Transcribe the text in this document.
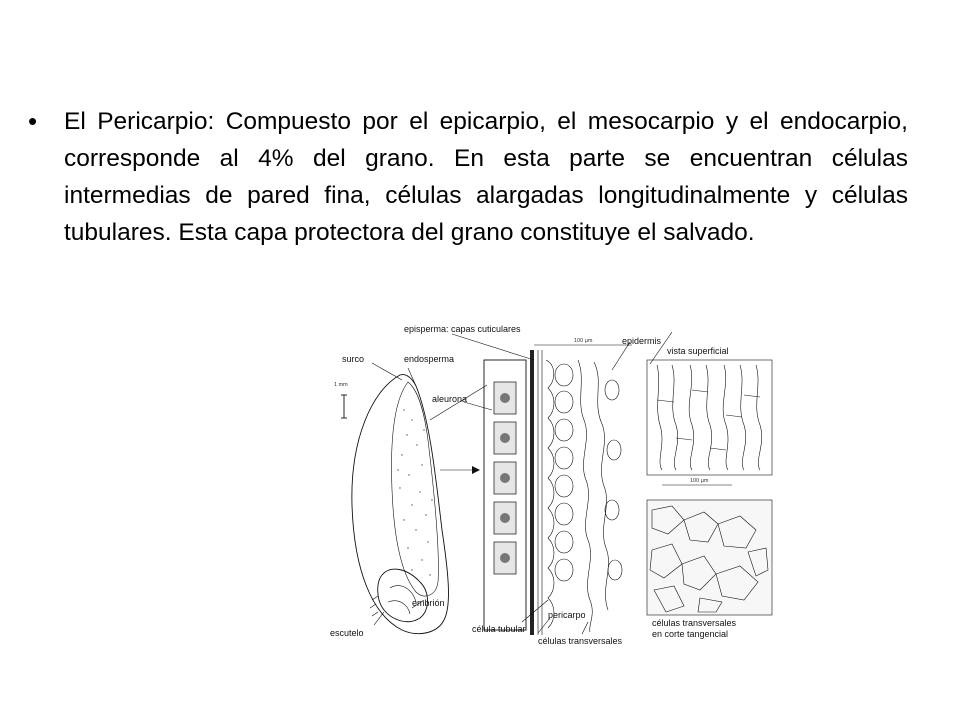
•	El Pericarpio: Compuesto por el epicarpio, el mesocarpio y el endocarpio, corresponde al 4% del grano. En esta parte se encuentran células intermedias de pared fina, células alargadas longitudinalmente y células tubulares. Esta capa protectora del grano constituye el salvado.
1 mm
100 µm
100 µm
episperma: capas cuticulares
surco	endosperma
aleurona
epidermis
vista superficial
pericarpo
embrión
escutelo	célula tubular
células transversales
células transversales
en corte tangencial
